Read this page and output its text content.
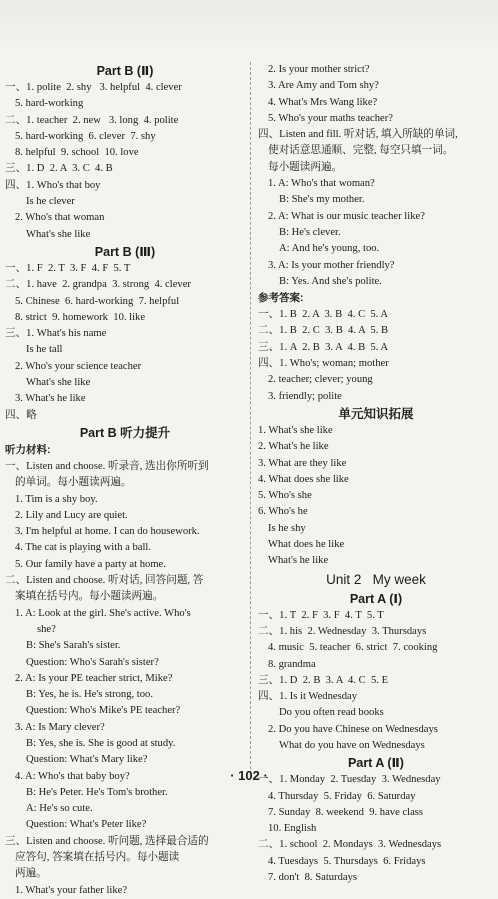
Part B (Ⅱ)
一、1. polite  2. shy   3. helpful  4. clever
5. hard-working
二、1. teacher  2. new   3. long  4. polite
5. hard-working  6. clever  7. shy
8. helpful  9. school  10. love
三、1. D  2. A  3. C  4. B
四、1. Who's that boy
Is he clever
2. Who's that woman
What's she like
Part B (Ⅲ)
一、1. F  2. T  3. F  4. F  5. T
二、1. have  2. grandpa  3. strong  4. clever
5. Chinese  6. hard-working  7. helpful
8. strict  9. homework  10. like
三、1. What's his name
Is he tall
2. Who's your science teacher
What's she like
3. What's he like
四、略
Part B 听力提升
听力材料:
一、Listen and choose. 听录音, 选出你所听到
的单词。每小题读两遍。
1. Tim is a shy boy.
2. Lily and Lucy are quiet.
3. I'm helpful at home. I can do housework.
4. The cat is playing with a ball.
5. Our family have a party at home.
二、Listen and choose. 听对话, 回答问题, 答
案填在括号内。每小题读两遍。
1. A: Look at the girl. She's active. Who's
she?
B: She's Sarah's sister.
Question: Who's Sarah's sister?
2. A: Is your PE teacher strict, Mike?
B: Yes, he is. He's strong, too.
Question: Who's Mike's PE teacher?
3. A: Is Mary clever?
B: Yes, she is. She is good at study.
Question: What's Mary like?
4. A: Who's that baby boy?
B: He's Peter. He's Tom's brother.
A: He's so cute.
Question: What's Peter like?
三、Listen and choose. 听问题, 选择最合适的
应答句, 答案填在括号内。每小题读
两遍。
1. What's your father like?
2. Is your mother strict?
3. Are Amy and Tom shy?
4. What's Mrs Wang like?
5. Who's your maths teacher?
四、Listen and fill. 听对话, 填入所缺的单词,
使对话意思通顺、完整, 每空只填一词。
每小题读两遍。
1. A: Who's that woman?
B: She's my mother.
2. A: What is our music teacher like?
B: He's clever.
A: And he's young, too.
3. A: Is your mother friendly?
B: Yes. And she's polite.
参考答案:
一、1. B  2. A  3. B  4. C  5. A
二、1. B  2. C  3. B  4. A  5. B
三、1. A  2. B  3. A  4. B  5. A
四、1. Who's; woman; mother
2. teacher; clever; young
3. friendly; polite
单元知识拓展
1. What's she like
2. What's he like
3. What are they like
4. What does she like
5. Who's she
6. Who's he
Is he shy
What does he like
What's he like
Unit 2   My week
Part A (Ⅰ)
一、1. T  2. F  3. F  4. T  5. T
二、1. his  2. Wednesday  3. Thursdays
4. music  5. teacher  6. strict  7. cooking
8. grandma
三、1. D  2. B  3. A  4. C  5. E
四、1. Is it Wednesday
Do you often read books
2. Do you have Chinese on Wednesdays
What do you have on Wednesdays
Part A (Ⅱ)
一、1. Monday  2. Tuesday  3. Wednesday
4. Thursday  5. Friday  6. Saturday
7. Sunday  8. weekend  9. have class
10. English
二、1. school  2. Mondays  3. Wednesdays
4. Tuesdays  5. Thursdays  6. Fridays
7. don't  8. Saturdays
· 102 ·
